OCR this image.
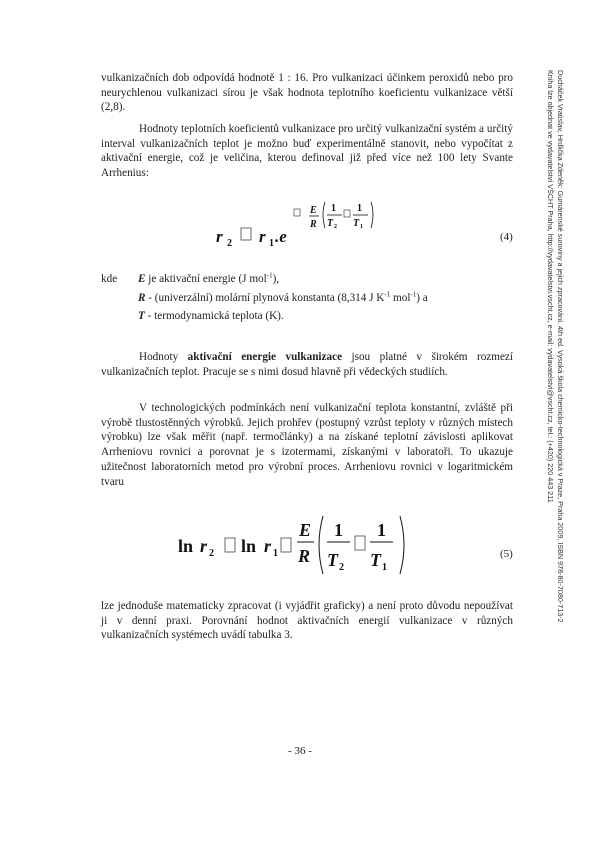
Ducháček Vratislav, Hrdlička Zdeněk: Gumárenské suroviny a jejich zpracování. 4th ed. Vysoká škola chemicko-technologická v Praze, Praha 2009. ISBN 978-80-7080-713-2
Kniha lze objednat ve vydavatelství VŠCHT Praha, http://vydavatelstvi.vscht.cz, e-mail: vydavatelstvi@vscht.cz, tel.: (+420) 220 443 211

vulkanizačních dob odpovídá hodnotě 1 : 16. Pro vulkanizaci účinkem peroxidů nebo pro neurychlenou vulkanizaci sírou je však hodnota teplotního koeficientu vulkanizace větší (2,8).

Hodnoty teplotních koeficientů vulkanizace pro určitý vulkanizační systém a určitý interval vulkanizačních teplot je možno buď experimentálně stanovit, nebo vypočítat z aktivační energie, což je veličina, kterou definoval již před více než 100 lety Svante Arrhenius:

r 2 r 1 .e
E
R
1
T 2
1
T 1
(4)
kde E je aktivační energie (J mol$^{-1}$),
R - (univerzální) molární plynová konstanta (8,314 J $K^{-1}$ mol$^{-1}$) a
T - termodynamická teplota (K).

Hodnoty aktivační energie vulkanizace jsou platné v širokém rozmezí vulkanizačních teplot. Pracuje se s nimi dosud hlavně při vědeckých studiích.

V technologických podmínkách není vulkanizační teplota konstantní, zvláště při výrobě tlustostěnných výrobků. Jejich prohřev (postupný vzrůst teploty v různých místech výrobku) lze však měřit (např. termočlánky) a na získané teplotní závislosti aplikovat Arrheniovu rovnici a porovnat je s izotermami, získanými v laboratoři. To ukazuje užitečnost laboratorních metod pro výrobní proces. Arrheniovu rovnici v logaritmickém tvaru

ln r 2 ln r 1
E
R
1
T 2
1
T 1
(5)

lze jednoduše matematicky zpracovat (i vyjádřit graficky) a není proto důvodu nepoužívat ji v denní praxi. Porovnání hodnot aktivačních energií vulkanizace v různých vulkanizačních systémech uvádí tabulka 3.

- 36 -
